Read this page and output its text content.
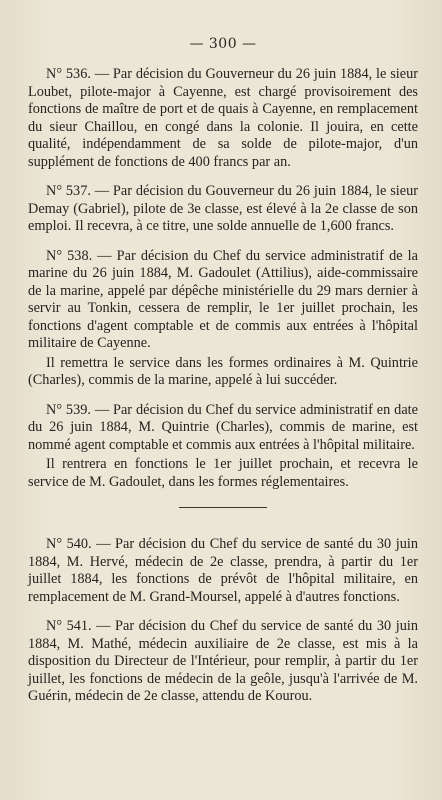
— 300 —

N° 536. — Par décision du Gouverneur du 26 juin 1884, le sieur Loubet, pilote-major à Cayenne, est chargé provisoirement des fonctions de maître de port et de quais à Cayenne, en remplacement du sieur Chaillou, en congé dans la colonie. Il jouira, en cette qualité, indépendamment de sa solde de pilote-major, d'un supplément de fonctions de 400 francs par an.

N° 537. — Par décision du Gouverneur du 26 juin 1884, le sieur Demay (Gabriel), pilote de 3e classe, est élevé à la 2e classe de son emploi. Il recevra, à ce titre, une solde annuelle de 1,600 francs.

N° 538. — Par décision du Chef du service administratif de la marine du 26 juin 1884, M. Gadoulet (Attilius), aide-commissaire de la marine, appelé par dépêche ministérielle du 29 mars dernier à servir au Tonkin, cessera de remplir, le 1er juillet prochain, les fonctions d'agent comptable et de commis aux entrées à l'hôpital militaire de Cayenne.

Il remettra le service dans les formes ordinaires à M. Quintrie (Charles), commis de la marine, appelé à lui succéder.

N° 539. — Par décision du Chef du service administratif en date du 26 juin 1884, M. Quintrie (Charles), commis de marine, est nommé agent comptable et commis aux entrées à l'hôpital militaire.

Il rentrera en fonctions le 1er juillet prochain, et recevra le service de M. Gadoulet, dans les formes réglementaires.

N° 540. — Par décision du Chef du service de santé du 30 juin 1884, M. Hervé, médecin de 2e classe, prendra, à partir du 1er juillet 1884, les fonctions de prévôt de l'hôpital militaire, en remplacement de M. Grand-Moursel, appelé à d'autres fonctions.

N° 541. — Par décision du Chef du service de santé du 30 juin 1884, M. Mathé, médecin auxiliaire de 2e classe, est mis à la disposition du Directeur de l'Intérieur, pour remplir, à partir du 1er juillet, les fonctions de médecin de la geôle, jusqu'à l'arrivée de M. Guérin, médecin de 2e classe, attendu de Kourou.
